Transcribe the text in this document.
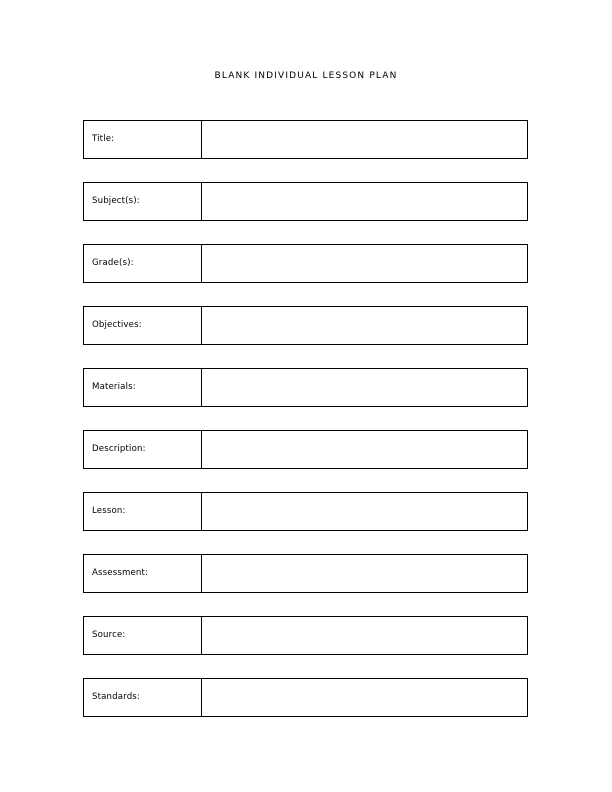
BLANK INDIVIDUAL LESSON PLAN
Title:
Subject(s):
Grade(s):
Objectives:
Materials:
Description:
Lesson:
Assessment:
Source:
Standards:
